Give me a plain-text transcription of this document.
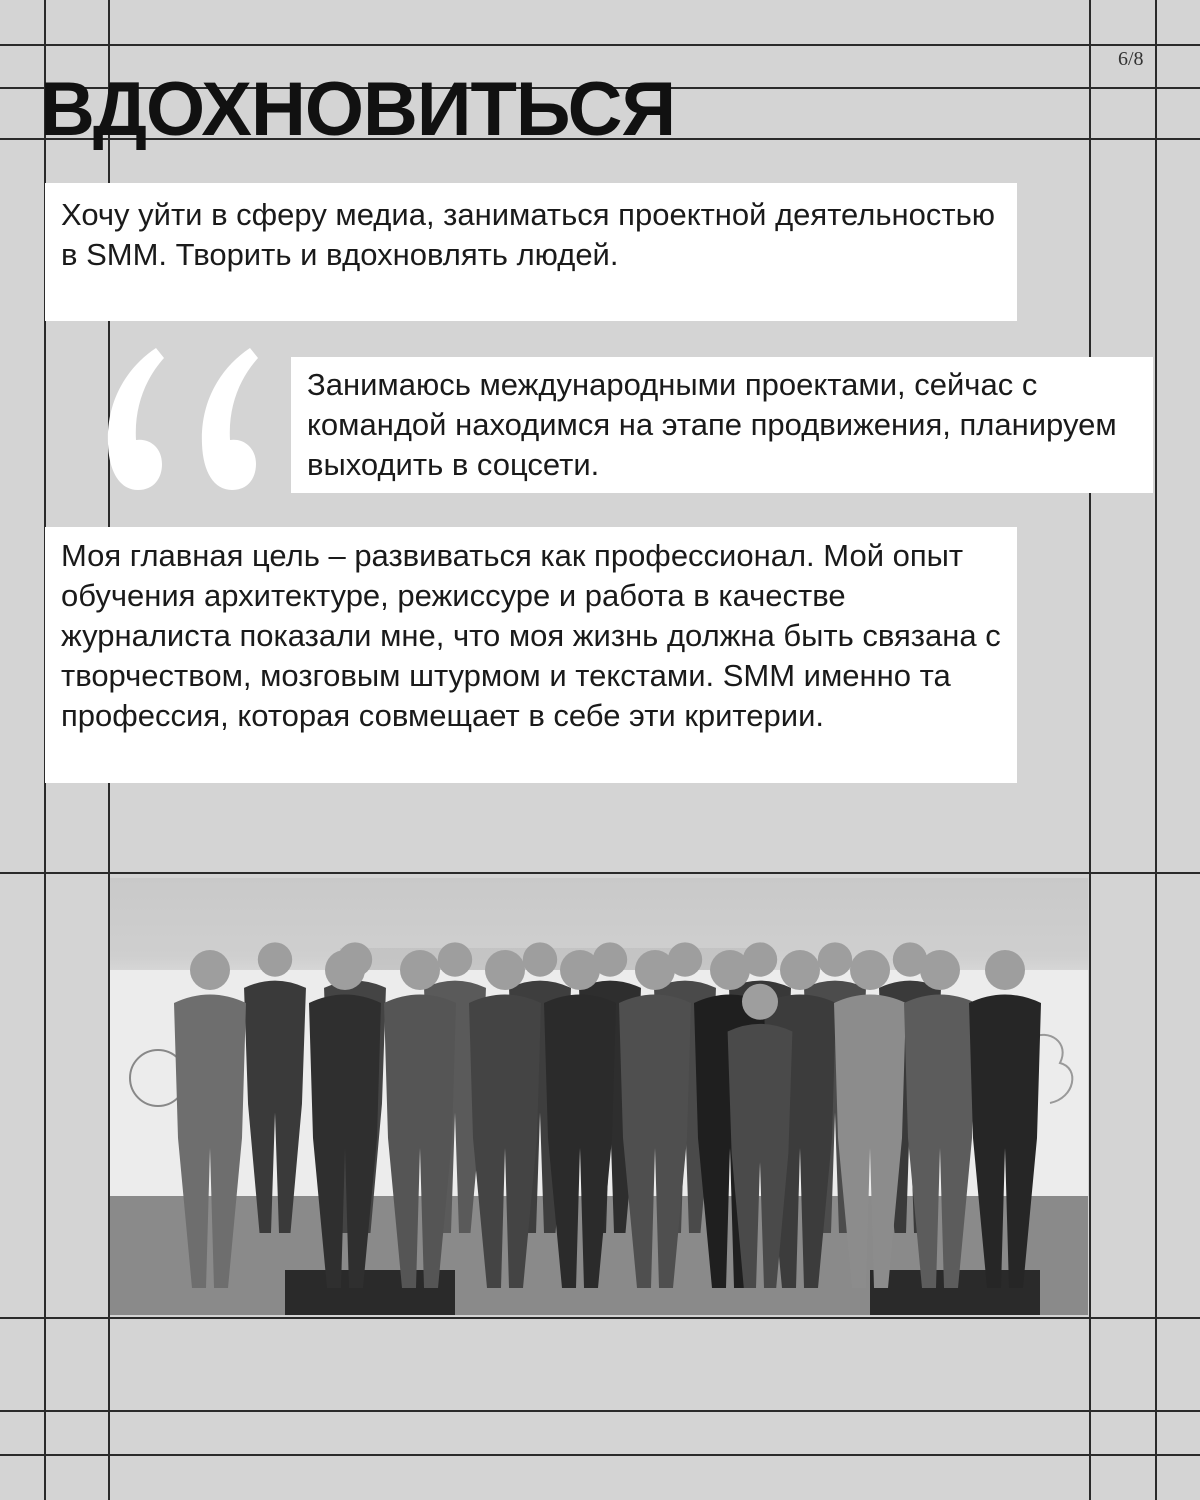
6/8
ВДОХНОВИТЬСЯ

Хочу уйти в сферу медиа, заниматься проектной деятельностью в SMM. Творить и вдохновлять людей.

Занимаюсь международными проектами, сейчас с командой находимся на этапе продвижения, планируем выходить в соцсети.

Моя главная цель – развиваться как профессионал. Мой опыт обучения архитектуре, режиссуре и работа в качестве журналиста показали мне, что моя жизнь должна быть связана с творчеством, мозговым штурмом и текстами. SMM именно та профессия, которая совмещает в себе эти критерии.
